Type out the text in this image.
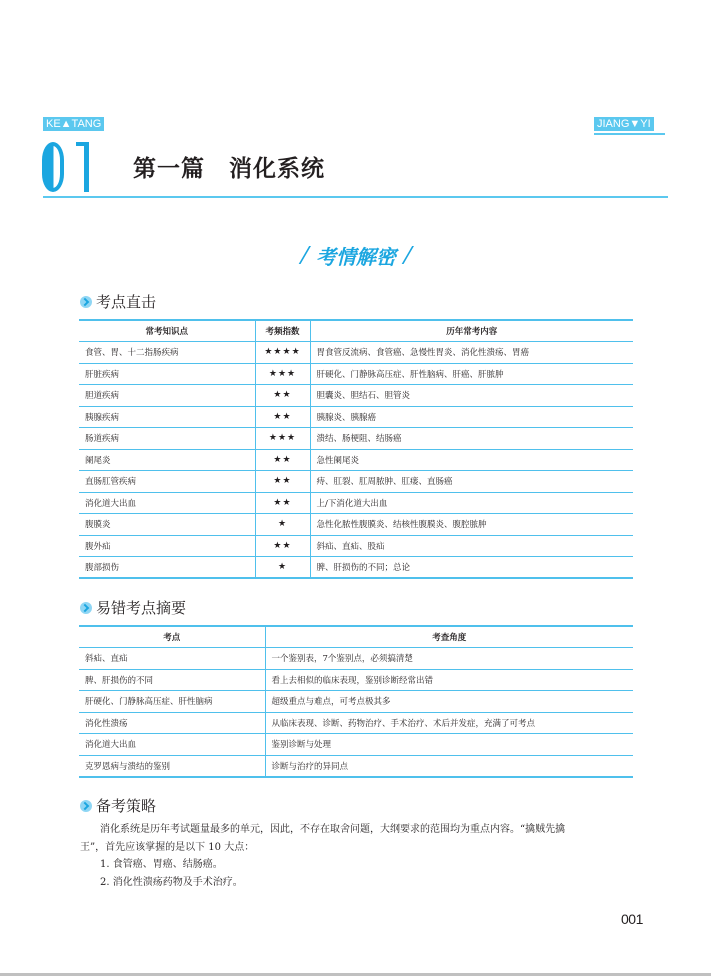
KE▲TANG	JIANG▼YI
第一篇　消化系统
/ 考情解密 /
考点直击
常考知识点	考频指数	历年常考内容
食管、胃、十二指肠疾病	★★★★	胃食管反流病、食管癌、急慢性胃炎、消化性溃疡、胃癌
肝脏疾病	★★★	肝硬化、门静脉高压症、肝性脑病、肝癌、肝脓肿
胆道疾病	★★	胆囊炎、胆结石、胆管炎
胰腺疾病	★★	胰腺炎、胰腺癌
肠道疾病	★★★	溃结、肠梗阻、结肠癌
阑尾炎	★★	急性阑尾炎
直肠肛管疾病	★★	痔、肛裂、肛周脓肿、肛瘘、直肠癌
消化道大出血	★★	上/下消化道大出血
腹膜炎	★	急性化脓性腹膜炎、结核性腹膜炎、腹腔脓肿
腹外疝	★★	斜疝、直疝、股疝
腹部损伤	★	脾、肝损伤的不同；总论
易错考点摘要
考点	考查角度
斜疝、直疝	一个鉴别表，7个鉴别点，必须搞清楚
脾、肝损伤的不同	看上去相似的临床表现，鉴别诊断经常出错
肝硬化、门静脉高压症、肝性脑病	超级重点与难点，可考点极其多
消化性溃疡	从临床表现、诊断、药物治疗、手术治疗、术后并发症，充满了可考点
消化道大出血	鉴别诊断与处理
克罗恩病与溃结的鉴别	诊断与治疗的异同点
备考策略
消化系统是历年考试题量最多的单元，因此，不存在取舍问题，大纲要求的范围均为重点内容。“擒贼先擒
王”，首先应该掌握的是以下 10 大点：
1. 食管癌、胃癌、结肠癌。
2. 消化性溃疡药物及手术治疗。
001
